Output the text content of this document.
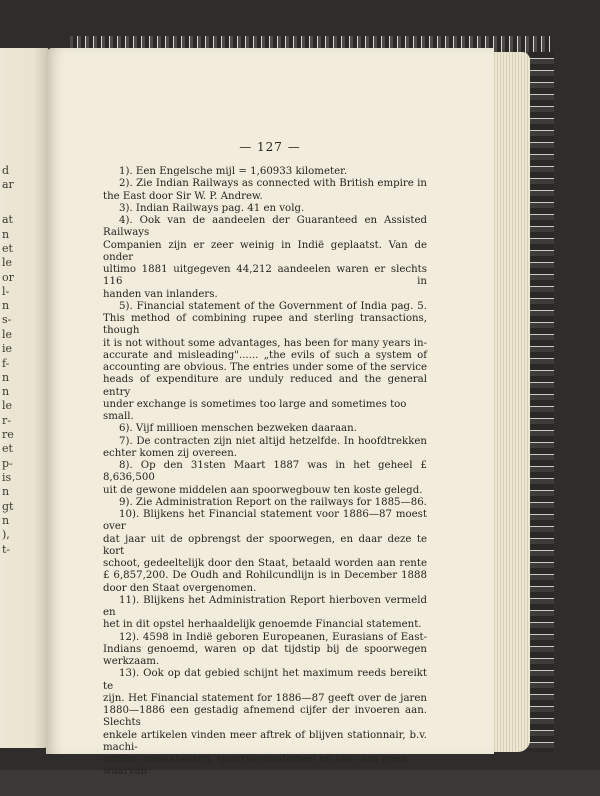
d
ar
at
n
et
le
or
l-
n
s-
le
ie
f-
n
n
le
r-
re
et
p-
is
n
gt
n
),
t-
— 127 —

1). Een Engelsche mijl = 1,60933 kilometer.

2). Zie Indian Railways as connected with British empire in
the East door Sir W. P. Andrew.

3). Indian Railways pag. 41 en volg.

4). Ook van de aandeelen der Guaranteed en Assisted Railways
Companien zijn er zeer weinig in Indië geplaatst. Van de onder
ultimo 1881 uitgegeven 44,212 aandeelen waren er slechts 116 in
handen van inlanders.

5). Financial statement of the Government of India pag. 5.
This method of combining rupee and sterling transactions, though
it is not without some advantages, has been for many years in-
accurate and misleading"...... „the evils of such a system of
accounting are obvious. The entries under some of the service
heads of expenditure are unduly reduced and the general entry
under exchange is sometimes too large and sometimes too small.

6). Vijf millioen menschen bezweken daaraan.

7). De contracten zijn niet altijd hetzelfde. In hoofdtrekken
echter komen zij overeen.

8). Op den 31sten Maart 1887 was in het geheel £ 8,636,500
uit de gewone middelen aan spoorwegbouw ten koste gelegd.

9). Zie Administration Report on the railways for 1885—86.

10). Blijkens het Financial statement voor 1886—87 moest over
dat jaar uit de opbrengst der spoorwegen, en daar deze te kort
schoot, gedeeltelijk door den Staat, betaald worden aan rente
£ 6,857,200. De Oudh and Rohilcundlijn is in December 1888
door den Staat overgenomen.

11). Blijkens het Administration Report hierboven vermeld en
het in dit opstel herhaaldelijk genoemde Financial statement.

12). 4598 in Indië geboren Europeanen, Eurasians of East-
Indians genoemd, waren op dat tijdstip bij de spoorwegen
werkzaam.

13). Ook op dat gebied schijnt het maximum reeds bereikt te
zijn. Het Financial statement for 1886—87 geeft over de jaren
1880—1886 een gestadig afnemend cijfer der invoeren aan. Slechts
enkele artikelen vinden meer aftrek of blijven stationnair, b.v. machi-
neriën, metaalwaren, spoorwegmaterieel en olie, aan geen waarvan
